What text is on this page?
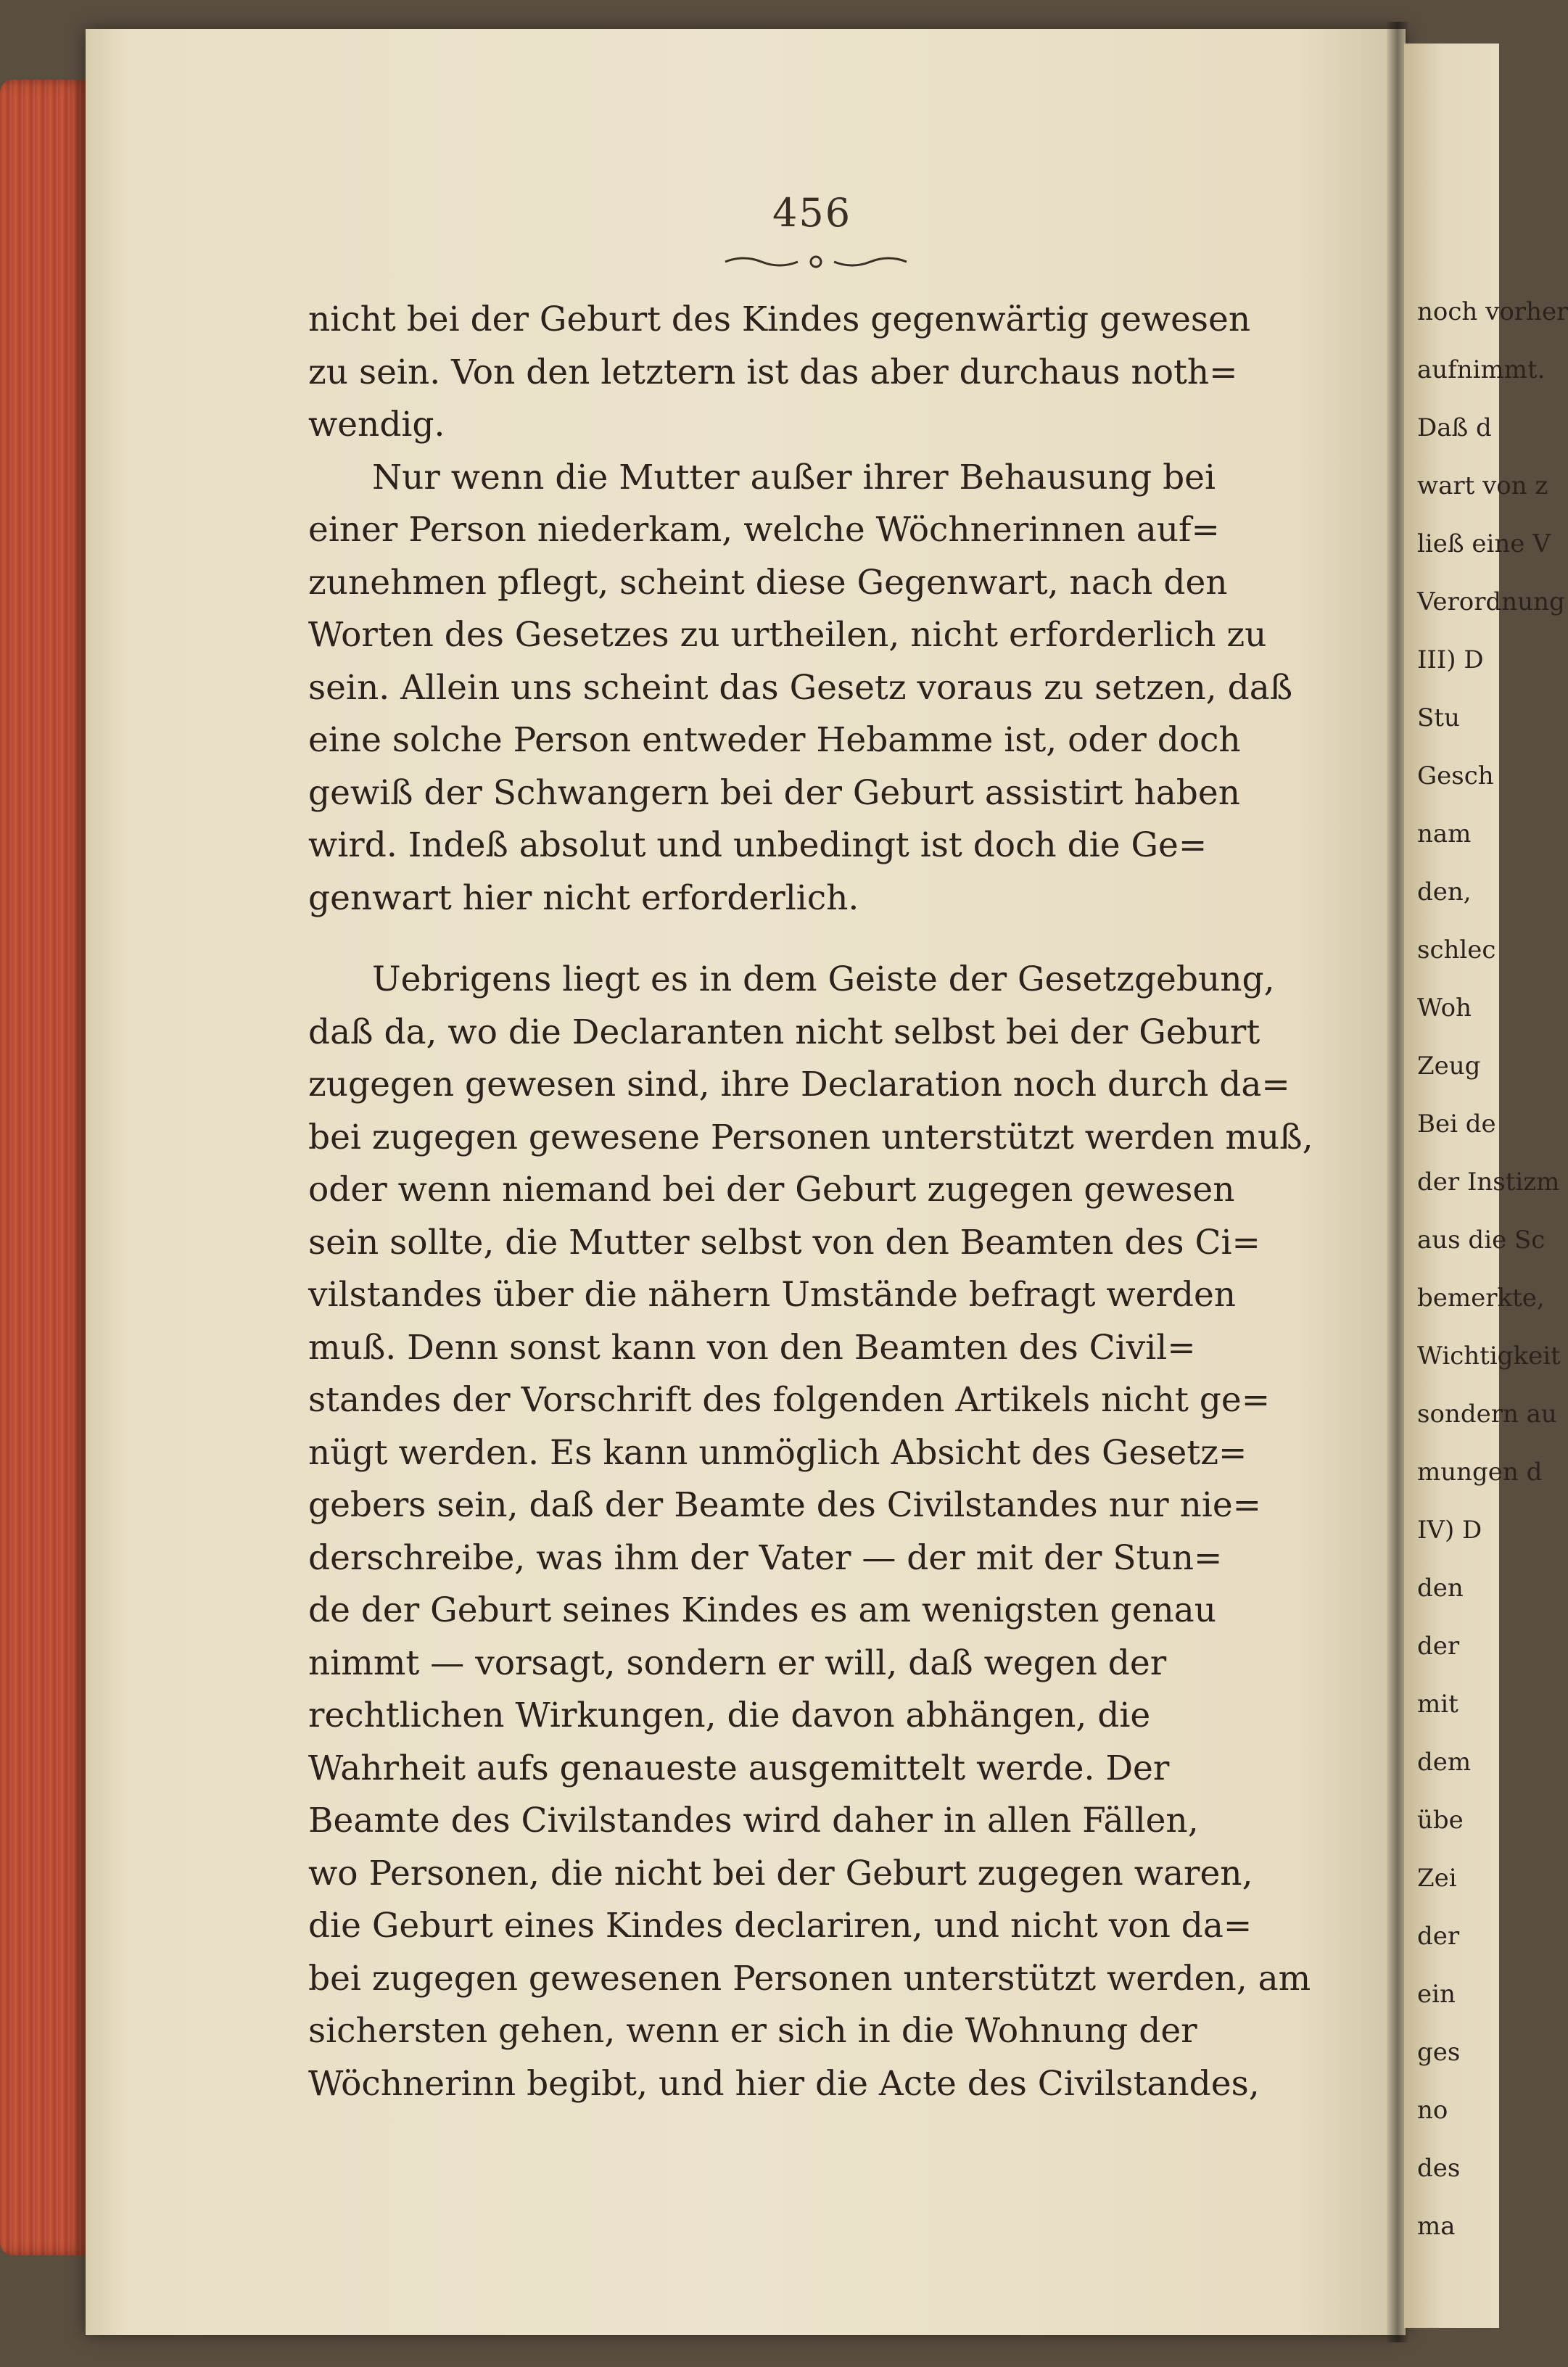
456
nicht bei der Geburt des Kindes gegenwärtig gewesen
zu sein. Von den letztern ist das aber durchaus noth=
wendig.
Nur wenn die Mutter außer ihrer Behausung bei
einer Person niederkam, welche Wöchnerinnen auf=
zunehmen pflegt, scheint diese Gegenwart, nach den
Worten des Gesetzes zu urtheilen, nicht erforderlich zu
sein. Allein uns scheint das Gesetz voraus zu setzen, daß
eine solche Person entweder Hebamme ist, oder doch
gewiß der Schwangern bei der Geburt assistirt haben
wird. Indeß absolut und unbedingt ist doch die Ge=
genwart hier nicht erforderlich.
Uebrigens liegt es in dem Geiste der Gesetzgebung,
daß da, wo die Declaranten nicht selbst bei der Geburt
zugegen gewesen sind, ihre Declaration noch durch da=
bei zugegen gewesene Personen unterstützt werden muß,
oder wenn niemand bei der Geburt zugegen gewesen
sein sollte, die Mutter selbst von den Beamten des Ci=
vilstandes über die nähern Umstände befragt werden
muß. Denn sonst kann von den Beamten des Civil=
standes der Vorschrift des folgenden Artikels nicht ge=
nügt werden. Es kann unmöglich Absicht des Gesetz=
gebers sein, daß der Beamte des Civilstandes nur nie=
derschreibe, was ihm der Vater — der mit der Stun=
de der Geburt seines Kindes es am wenigsten genau
nimmt — vorsagt, sondern er will, daß wegen der
rechtlichen Wirkungen, die davon abhängen, die
Wahrheit aufs genaueste ausgemittelt werde. Der
Beamte des Civilstandes wird daher in allen Fällen,
wo Personen, die nicht bei der Geburt zugegen waren,
die Geburt eines Kindes declariren, und nicht von da=
bei zugegen gewesenen Personen unterstützt werden, am
sichersten gehen, wenn er sich in die Wohnung der
Wöchnerinn begibt, und hier die Acte des Civilstandes,
noch vorher
aufnimmt.
Daß d
wart von z
ließ eine V
Verordnung
III) D
Stu
Gesch
nam
den,
schlec
Woh
Zeug
Bei de
der Instizm
aus die Sc
bemerkte,
Wichtigkeit
sondern au
mungen d
IV) D
den
der
mit
dem
übe
Zei
der
ein
ges
no
des
ma
